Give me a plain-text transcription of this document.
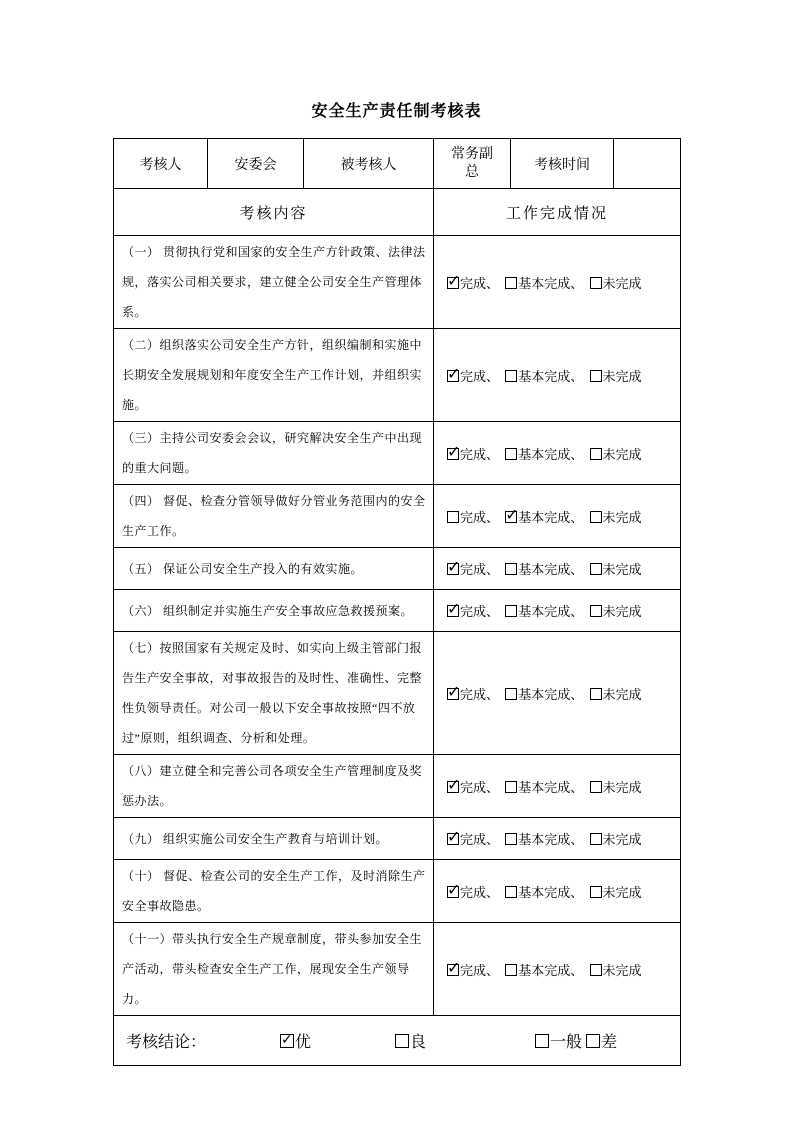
安全生产责任制考核表
考核人	安委会	被考核人	常务副总	考核时间	
考核内容			工作完成情况		
（一） 贯彻执行党和国家的安全生产方针政策、法律法规，落实公司相关要求，建立健全公司安全生产管理体系。	✓完成、 基本完成、 未完成
（二）组织落实公司安全生产方针，组织编制和实施中长期安全发展规划和年度安全生产工作计划，并组织实施。	✓完成、 基本完成、 未完成
（三）主持公司安委会会议，研究解决安全生产中出现的重大问题。	✓完成、 基本完成、 未完成
（四） 督促、检查分管领导做好分管业务范围内的安全生产工作。			完成、 ✓ 基本完成、 未完成
（五） 保证公司安全生产投入的有效实施。	✓完成、 基本完成、 未完成
（六） 组织制定并实施生产安全事故应急救援预案。	✓完成、 基本完成、 未完成
（七）按照国家有关规定及时、如实向上级主管部门报告生产安全事故，对事故报告的及时性、准确性、完整性负领导责任。对公司一般以下安全事故按照“四不放过”原则，组织调查、分析和处理。	✓完成、 基本完成、 未完成
（八）建立健全和完善公司各项安全生产管理制度及奖惩办法。	✓完成、 基本完成、 未完成
（九） 组织实施公司安全生产教育与培训计划。	✓完成、 基本完成、 未完成
（十） 督促、检查公司的安全生产工作，及时消除生产安全事故隐患。	✓完成、 基本完成、 未完成
（十一）带头执行安全生产规章制度，带头参加安全生产活动，带头检查安全生产工作，展现安全生产领导力。	✓完成、 基本完成、 未完成
考核结论： ✓ 优 良 一般 差
